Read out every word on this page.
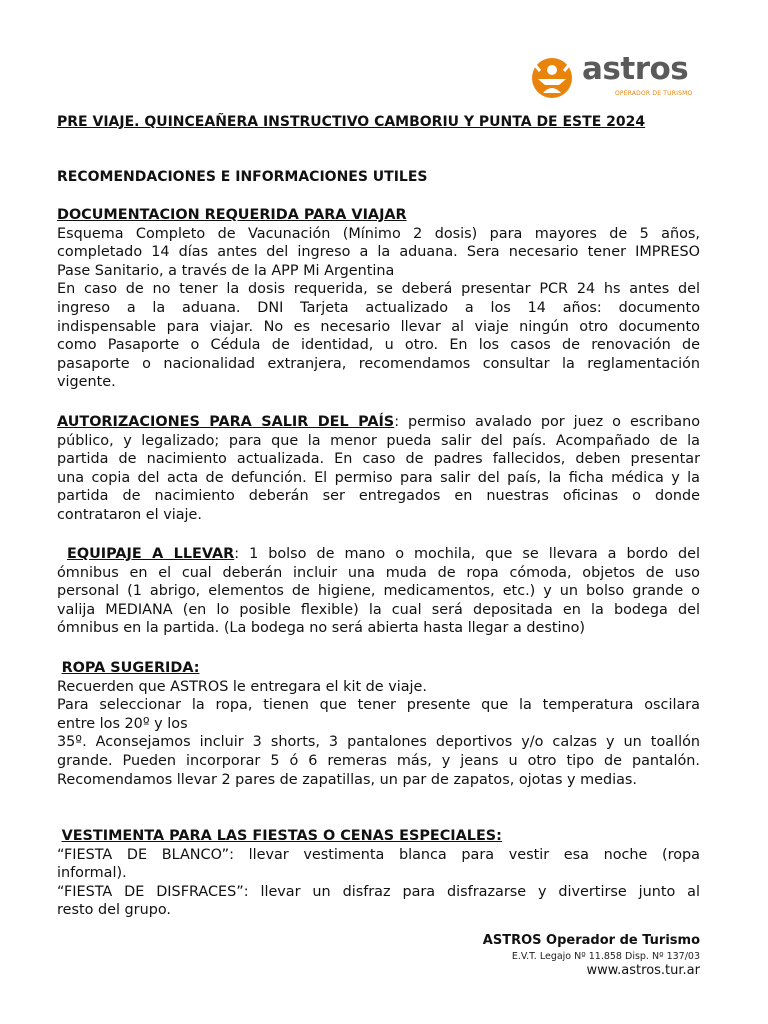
astros
OPERADOR DE TURISMO
PRE VIAJE. QUINCEAÑERA INSTRUCTIVO CAMBORIU Y PUNTA DE ESTE 2024
RECOMENDACIONES E INFORMACIONES UTILES
DOCUMENTACION REQUERIDA PARA VIAJAR
Esquema Completo de Vacunación (Mínimo 2 dosis) para mayores de 5 años,
completado 14 días antes del ingreso a la aduana. Sera necesario tener IMPRESO
Pase Sanitario, a través de la APP Mi Argentina
En caso de no tener la dosis requerida, se deberá presentar PCR 24 hs antes del
ingreso a la aduana. DNI Tarjeta actualizado a los 14 años: documento
indispensable para viajar. No es necesario llevar al viaje ningún otro documento
como Pasaporte o Cédula de identidad, u otro. En los casos de renovación de
pasaporte o nacionalidad extranjera, recomendamos consultar la reglamentación
vigente.
AUTORIZACIONES PARA SALIR DEL PAÍS: permiso avalado por juez o escribano
público, y legalizado; para que la menor pueda salir del país. Acompañado de la
partida de nacimiento actualizada. En caso de padres fallecidos, deben presentar
una copia del acta de defunción. El permiso para salir del país, la ficha médica y la
partida de nacimiento deberán ser entregados en nuestras oficinas o donde
contrataron el viaje.
EQUIPAJE A LLEVAR: 1 bolso de mano o mochila, que se llevara a bordo del
ómnibus en el cual deberán incluir una muda de ropa cómoda, objetos de uso
personal (1 abrigo, elementos de higiene, medicamentos, etc.) y un bolso grande o
valija MEDIANA (en lo posible flexible) la cual será depositada en la bodega del
ómnibus en la partida. (La bodega no será abierta hasta llegar a destino)
ROPA SUGERIDA:
Recuerden que ASTROS le entregara el kit de viaje.
Para seleccionar la ropa, tienen que tener presente que la temperatura oscilara
entre los 20º y los
35º. Aconsejamos incluir 3 shorts, 3 pantalones deportivos y/o calzas y un toallón
grande. Pueden incorporar 5 ó 6 remeras más, y jeans u otro tipo de pantalón.
Recomendamos llevar 2 pares de zapatillas, un par de zapatos, ojotas y medias.
VESTIMENTA PARA LAS FIESTAS O CENAS ESPECIALES:
“FIESTA DE BLANCO”: llevar vestimenta blanca para vestir esa noche (ropa
informal).
“FIESTA DE DISFRACES”: llevar un disfraz para disfrazarse y divertirse junto al
resto del grupo.
ASTROS Operador de Turismo
E.V.T. Legajo Nº 11.858 Disp. Nº 137/03
www.astros.tur.ar
